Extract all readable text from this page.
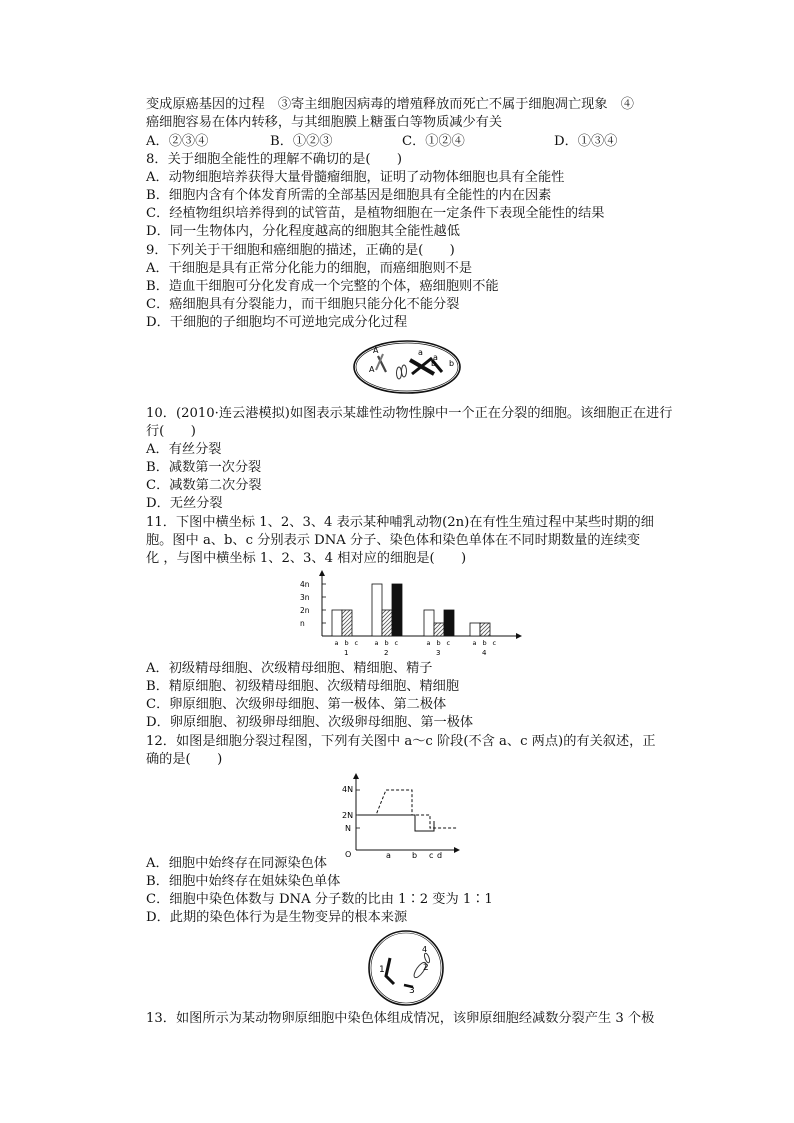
变成原癌基因的过程　③寄主细胞因病毒的增殖释放而死亡不属于细胞凋亡现象　④
癌细胞容易在体内转移，与其细胞膜上糖蛋白等物质减少有关
A．②③④	B．①②③	C．①②④	D．①③④
8．关于细胞全能性的理解不确切的是(　　)
A．动物细胞培养获得大量骨髓瘤细胞，证明了动物体细胞也具有全能性
B．细胞内含有个体发育所需的全部基因是细胞具有全能性的内在因素
C．经植物组织培养得到的试管苗，是植物细胞在一定条件下表现全能性的结果
D．同一生物体内，分化程度越高的细胞其全能性越低
9．下列关于干细胞和癌细胞的描述，正确的是(　　)
A．干细胞是具有正常分化能力的细胞，而癌细胞则不是
B．造血干细胞可分化发育成一个完整的个体，癌细胞则不能
C．癌细胞具有分裂能力，而干细胞只能分化不能分裂
D．干细胞的子细胞均不可逆地完成分化过程
A
A
a
a
b b
10．(2010·连云港模拟)如图表示某雄性动物性腺中一个正在分裂的细胞。该细胞正在进行
行(　　)
A．有丝分裂
B．减数第一次分裂
C．减数第二次分裂
D．无丝分裂
11．下图中横坐标 1、2、3、4 表示某种哺乳动物(2n)在有性生殖过程中某些时期的细
胞。图中 a、b、c 分别表示 DNA 分子、染色体和染色单体在不同时期数量的连续变
化 ，与图中横坐标 1、2、3、4 相对应的细胞是(　　)
4n
3n
2n
n
a b c
1
a b c
2
a b c
3
a b c
4
A．初级精母细胞、次级精母细胞、精细胞、精子
B．精原细胞、初级精母细胞、次级精母细胞、精细胞
C．卵原细胞、次级卵母细胞、第一极体、第二极体
D．卵原细胞、初级卵母细胞、次级卵母细胞、第一极体
12．如图是细胞分裂过程图，下列有关图中 a～c 阶段(不含 a、c 两点)的有关叙述，正
确的是(　　)
4N
2N
N
O	a	b c d
A．细胞中始终存在同源染色体
B．细胞中始终存在姐妹染色单体
C．细胞中染色体数与 DNA 分子数的比由 1∶2 变为 1∶1
D．此期的染色体行为是生物变异的根本来源
1	2
3
4
13．如图所示为某动物卵原细胞中染色体组成情况，该卵原细胞经减数分裂产生 3 个极
